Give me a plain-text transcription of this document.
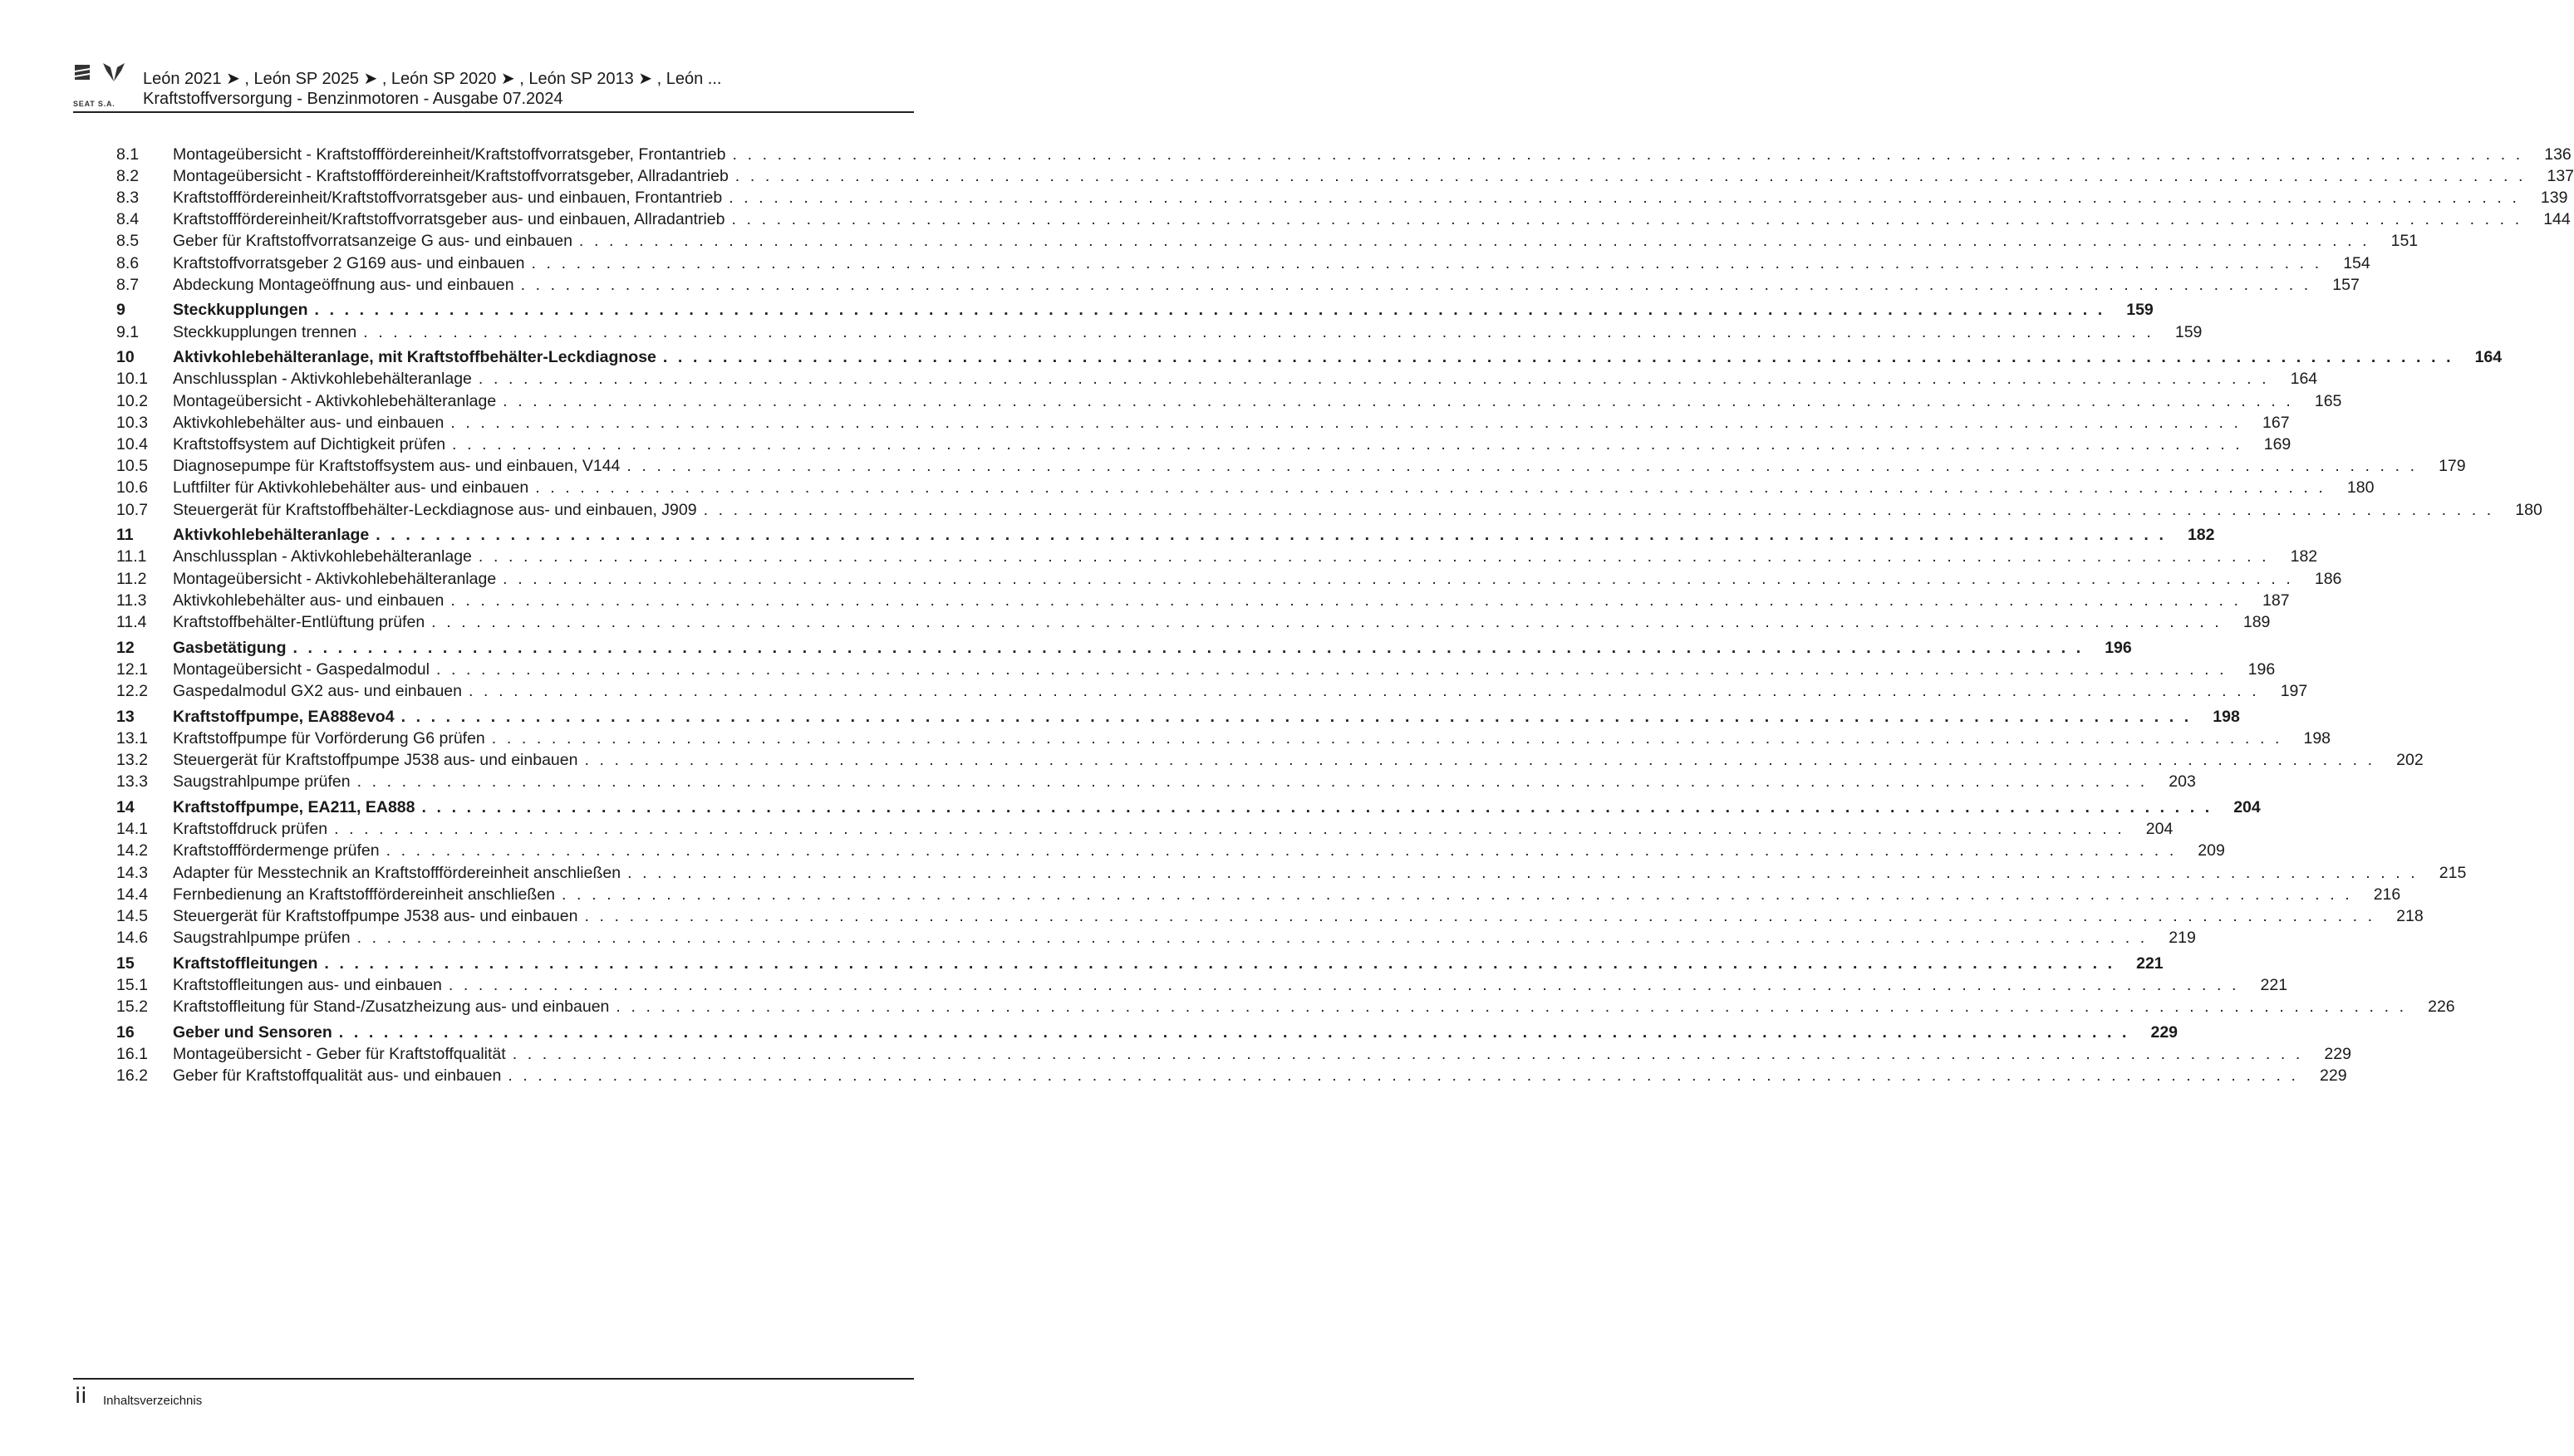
SEAT S.A.
León 2021 ➤ , León SP 2025 ➤ , León SP 2020 ➤ , León SP 2013 ➤ , León ...
Kraftstoffversorgung - Benzinmotoren - Ausgabe 07.2024
8.1	Montageübersicht - Kraftstofffördereinheit/Kraftstoffvorratsgeber, Frontantrieb . . . . . . . . . . . . . . . . . . . . . . . . . . . . . . . . . . . . . . . . . . . . . . . . . . . . . . . . . . . . . . . . . . . . . . . . . . . . . . . . . . . . . . . . . . . . . . . . . . . . . . . . . . . . . . . . . . . . . . . .	136
8.2	Montageübersicht - Kraftstofffördereinheit/Kraftstoffvorratsgeber, Allradantrieb . . . . . . . . . . . . . . . . . . . . . . . . . . . . . . . . . . . . . . . . . . . . . . . . . . . . . . . . . . . . . . . . . . . . . . . . . . . . . . . . . . . . . . . . . . . . . . . . . . . . . . . . . . . . . . . . . . . . . . . .	137
8.3	Kraftstofffördereinheit/Kraftstoffvorratsgeber aus- und einbauen, Frontantrieb . . . . . . . . . . . . . . . . . . . . . . . . . . . . . . . . . . . . . . . . . . . . . . . . . . . . . . . . . . . . . . . . . . . . . . . . . . . . . . . . . . . . . . . . . . . . . . . . . . . . . . . . . . . . . . . . . . . . . . . .	139
8.4	Kraftstofffördereinheit/Kraftstoffvorratsgeber aus- und einbauen, Allradantrieb . . . . . . . . . . . . . . . . . . . . . . . . . . . . . . . . . . . . . . . . . . . . . . . . . . . . . . . . . . . . . . . . . . . . . . . . . . . . . . . . . . . . . . . . . . . . . . . . . . . . . . . . . . . . . . . . . . . . . . . .	144
8.5	Geber für Kraftstoffvorratsanzeige G aus- und einbauen . . . . . . . . . . . . . . . . . . . . . . . . . . . . . . . . . . . . . . . . . . . . . . . . . . . . . . . . . . . . . . . . . . . . . . . . . . . . . . . . . . . . . . . . . . . . . . . . . . . . . . . . . . . . . . . . . . . . . . . .	151
8.6	Kraftstoffvorratsgeber 2 G169 aus- und einbauen . . . . . . . . . . . . . . . . . . . . . . . . . . . . . . . . . . . . . . . . . . . . . . . . . . . . . . . . . . . . . . . . . . . . . . . . . . . . . . . . . . . . . . . . . . . . . . . . . . . . . . . . . . . . . . . . . . . . . . . .	154
8.7	Abdeckung Montageöffnung aus- und einbauen . . . . . . . . . . . . . . . . . . . . . . . . . . . . . . . . . . . . . . . . . . . . . . . . . . . . . . . . . . . . . . . . . . . . . . . . . . . . . . . . . . . . . . . . . . . . . . . . . . . . . . . . . . . . . . . . . . . . . . . .	157
9	Steckkupplungen . . . . . . . . . . . . . . . . . . . . . . . . . . . . . . . . . . . . . . . . . . . . . . . . . . . . . . . . . . . . . . . . . . . . . . . . . . . . . . . . . . . . . . . . . . . . . . . . . . . . . . . . . . . . . . . . . . . . . . . .	159
9.1	Steckkupplungen trennen . . . . . . . . . . . . . . . . . . . . . . . . . . . . . . . . . . . . . . . . . . . . . . . . . . . . . . . . . . . . . . . . . . . . . . . . . . . . . . . . . . . . . . . . . . . . . . . . . . . . . . . . . . . . . . . . . . . . . . . .	159
10	Aktivkohlebehälteranlage, mit Kraftstoffbehälter-Leckdiagnose . . . . . . . . . . . . . . . . . . . . . . . . . . . . . . . . . . . . . . . . . . . . . . . . . . . . . . . . . . . . . . . . . . . . . . . . . . . . . . . . . . . . . . . . . . . . . . . . . . . . . . . . . . . . . . . . . . . . . . . .	164
10.1	Anschlussplan - Aktivkohlebehälteranlage . . . . . . . . . . . . . . . . . . . . . . . . . . . . . . . . . . . . . . . . . . . . . . . . . . . . . . . . . . . . . . . . . . . . . . . . . . . . . . . . . . . . . . . . . . . . . . . . . . . . . . . . . . . . . . . . . . . . . . . .	164
10.2	Montageübersicht - Aktivkohlebehälteranlage . . . . . . . . . . . . . . . . . . . . . . . . . . . . . . . . . . . . . . . . . . . . . . . . . . . . . . . . . . . . . . . . . . . . . . . . . . . . . . . . . . . . . . . . . . . . . . . . . . . . . . . . . . . . . . . . . . . . . . . .	165
10.3	Aktivkohlebehälter aus- und einbauen . . . . . . . . . . . . . . . . . . . . . . . . . . . . . . . . . . . . . . . . . . . . . . . . . . . . . . . . . . . . . . . . . . . . . . . . . . . . . . . . . . . . . . . . . . . . . . . . . . . . . . . . . . . . . . . . . . . . . . . .	167
10.4	Kraftstoffsystem auf Dichtigkeit prüfen . . . . . . . . . . . . . . . . . . . . . . . . . . . . . . . . . . . . . . . . . . . . . . . . . . . . . . . . . . . . . . . . . . . . . . . . . . . . . . . . . . . . . . . . . . . . . . . . . . . . . . . . . . . . . . . . . . . . . . . .	169
10.5	Diagnosepumpe für Kraftstoffsystem aus- und einbauen, V144 . . . . . . . . . . . . . . . . . . . . . . . . . . . . . . . . . . . . . . . . . . . . . . . . . . . . . . . . . . . . . . . . . . . . . . . . . . . . . . . . . . . . . . . . . . . . . . . . . . . . . . . . . . . . . . . . . . . . . . . .	179
10.6	Luftfilter für Aktivkohlebehälter aus- und einbauen . . . . . . . . . . . . . . . . . . . . . . . . . . . . . . . . . . . . . . . . . . . . . . . . . . . . . . . . . . . . . . . . . . . . . . . . . . . . . . . . . . . . . . . . . . . . . . . . . . . . . . . . . . . . . . . . . . . . . . . .	180
10.7	Steuergerät für Kraftstoffbehälter-Leckdiagnose aus- und einbauen, J909 . . . . . . . . . . . . . . . . . . . . . . . . . . . . . . . . . . . . . . . . . . . . . . . . . . . . . . . . . . . . . . . . . . . . . . . . . . . . . . . . . . . . . . . . . . . . . . . . . . . . . . . . . . . . . . . . . . . . . . . .	180
11	Aktivkohlebehälteranlage . . . . . . . . . . . . . . . . . . . . . . . . . . . . . . . . . . . . . . . . . . . . . . . . . . . . . . . . . . . . . . . . . . . . . . . . . . . . . . . . . . . . . . . . . . . . . . . . . . . . . . . . . . . . . . . . . . . . . . . .	182
11.1	Anschlussplan - Aktivkohlebehälteranlage . . . . . . . . . . . . . . . . . . . . . . . . . . . . . . . . . . . . . . . . . . . . . . . . . . . . . . . . . . . . . . . . . . . . . . . . . . . . . . . . . . . . . . . . . . . . . . . . . . . . . . . . . . . . . . . . . . . . . . . .	182
11.2	Montageübersicht - Aktivkohlebehälteranlage . . . . . . . . . . . . . . . . . . . . . . . . . . . . . . . . . . . . . . . . . . . . . . . . . . . . . . . . . . . . . . . . . . . . . . . . . . . . . . . . . . . . . . . . . . . . . . . . . . . . . . . . . . . . . . . . . . . . . . . .	186
11.3	Aktivkohlebehälter aus- und einbauen . . . . . . . . . . . . . . . . . . . . . . . . . . . . . . . . . . . . . . . . . . . . . . . . . . . . . . . . . . . . . . . . . . . . . . . . . . . . . . . . . . . . . . . . . . . . . . . . . . . . . . . . . . . . . . . . . . . . . . . .	187
11.4	Kraftstoffbehälter-Entlüftung prüfen . . . . . . . . . . . . . . . . . . . . . . . . . . . . . . . . . . . . . . . . . . . . . . . . . . . . . . . . . . . . . . . . . . . . . . . . . . . . . . . . . . . . . . . . . . . . . . . . . . . . . . . . . . . . . . . . . . . . . . . .	189
12	Gasbetätigung . . . . . . . . . . . . . . . . . . . . . . . . . . . . . . . . . . . . . . . . . . . . . . . . . . . . . . . . . . . . . . . . . . . . . . . . . . . . . . . . . . . . . . . . . . . . . . . . . . . . . . . . . . . . . . . . . . . . . . . .	196
12.1	Montageübersicht - Gaspedalmodul . . . . . . . . . . . . . . . . . . . . . . . . . . . . . . . . . . . . . . . . . . . . . . . . . . . . . . . . . . . . . . . . . . . . . . . . . . . . . . . . . . . . . . . . . . . . . . . . . . . . . . . . . . . . . . . . . . . . . . . .	196
12.2	Gaspedalmodul GX2 aus- und einbauen . . . . . . . . . . . . . . . . . . . . . . . . . . . . . . . . . . . . . . . . . . . . . . . . . . . . . . . . . . . . . . . . . . . . . . . . . . . . . . . . . . . . . . . . . . . . . . . . . . . . . . . . . . . . . . . . . . . . . . . .	197
13	Kraftstoffpumpe, EA888evo4 . . . . . . . . . . . . . . . . . . . . . . . . . . . . . . . . . . . . . . . . . . . . . . . . . . . . . . . . . . . . . . . . . . . . . . . . . . . . . . . . . . . . . . . . . . . . . . . . . . . . . . . . . . . . . . . . . . . . . . . .	198
13.1	Kraftstoffpumpe für Vorförderung G6 prüfen . . . . . . . . . . . . . . . . . . . . . . . . . . . . . . . . . . . . . . . . . . . . . . . . . . . . . . . . . . . . . . . . . . . . . . . . . . . . . . . . . . . . . . . . . . . . . . . . . . . . . . . . . . . . . . . . . . . . . . . .	198
13.2	Steuergerät für Kraftstoffpumpe J538 aus- und einbauen . . . . . . . . . . . . . . . . . . . . . . . . . . . . . . . . . . . . . . . . . . . . . . . . . . . . . . . . . . . . . . . . . . . . . . . . . . . . . . . . . . . . . . . . . . . . . . . . . . . . . . . . . . . . . . . . . . . . . . . .	202
13.3	Saugstrahlpumpe prüfen . . . . . . . . . . . . . . . . . . . . . . . . . . . . . . . . . . . . . . . . . . . . . . . . . . . . . . . . . . . . . . . . . . . . . . . . . . . . . . . . . . . . . . . . . . . . . . . . . . . . . . . . . . . . . . . . . . . . . . . .	203
14	Kraftstoffpumpe, EA211, EA888 . . . . . . . . . . . . . . . . . . . . . . . . . . . . . . . . . . . . . . . . . . . . . . . . . . . . . . . . . . . . . . . . . . . . . . . . . . . . . . . . . . . . . . . . . . . . . . . . . . . . . . . . . . . . . . . . . . . . . . . .	204
14.1	Kraftstoffdruck prüfen . . . . . . . . . . . . . . . . . . . . . . . . . . . . . . . . . . . . . . . . . . . . . . . . . . . . . . . . . . . . . . . . . . . . . . . . . . . . . . . . . . . . . . . . . . . . . . . . . . . . . . . . . . . . . . . . . . . . . . . .	204
14.2	Kraftstofffördermenge prüfen . . . . . . . . . . . . . . . . . . . . . . . . . . . . . . . . . . . . . . . . . . . . . . . . . . . . . . . . . . . . . . . . . . . . . . . . . . . . . . . . . . . . . . . . . . . . . . . . . . . . . . . . . . . . . . . . . . . . . . . .	209
14.3	Adapter für Messtechnik an Kraftstofffördereinheit anschließen . . . . . . . . . . . . . . . . . . . . . . . . . . . . . . . . . . . . . . . . . . . . . . . . . . . . . . . . . . . . . . . . . . . . . . . . . . . . . . . . . . . . . . . . . . . . . . . . . . . . . . . . . . . . . . . . . . . . . . . .	215
14.4	Fernbedienung an Kraftstofffördereinheit anschließen . . . . . . . . . . . . . . . . . . . . . . . . . . . . . . . . . . . . . . . . . . . . . . . . . . . . . . . . . . . . . . . . . . . . . . . . . . . . . . . . . . . . . . . . . . . . . . . . . . . . . . . . . . . . . . . . . . . . . . . .	216
14.5	Steuergerät für Kraftstoffpumpe J538 aus- und einbauen . . . . . . . . . . . . . . . . . . . . . . . . . . . . . . . . . . . . . . . . . . . . . . . . . . . . . . . . . . . . . . . . . . . . . . . . . . . . . . . . . . . . . . . . . . . . . . . . . . . . . . . . . . . . . . . . . . . . . . . .	218
14.6	Saugstrahlpumpe prüfen . . . . . . . . . . . . . . . . . . . . . . . . . . . . . . . . . . . . . . . . . . . . . . . . . . . . . . . . . . . . . . . . . . . . . . . . . . . . . . . . . . . . . . . . . . . . . . . . . . . . . . . . . . . . . . . . . . . . . . . .	219
15	Kraftstoffleitungen . . . . . . . . . . . . . . . . . . . . . . . . . . . . . . . . . . . . . . . . . . . . . . . . . . . . . . . . . . . . . . . . . . . . . . . . . . . . . . . . . . . . . . . . . . . . . . . . . . . . . . . . . . . . . . . . . . . . . . . .	221
15.1	Kraftstoffleitungen aus- und einbauen . . . . . . . . . . . . . . . . . . . . . . . . . . . . . . . . . . . . . . . . . . . . . . . . . . . . . . . . . . . . . . . . . . . . . . . . . . . . . . . . . . . . . . . . . . . . . . . . . . . . . . . . . . . . . . . . . . . . . . . .	221
15.2	Kraftstoffleitung für Stand-/Zusatzheizung aus- und einbauen . . . . . . . . . . . . . . . . . . . . . . . . . . . . . . . . . . . . . . . . . . . . . . . . . . . . . . . . . . . . . . . . . . . . . . . . . . . . . . . . . . . . . . . . . . . . . . . . . . . . . . . . . . . . . . . . . . . . . . . .	226
16	Geber und Sensoren . . . . . . . . . . . . . . . . . . . . . . . . . . . . . . . . . . . . . . . . . . . . . . . . . . . . . . . . . . . . . . . . . . . . . . . . . . . . . . . . . . . . . . . . . . . . . . . . . . . . . . . . . . . . . . . . . . . . . . . .	229
16.1	Montageübersicht - Geber für Kraftstoffqualität . . . . . . . . . . . . . . . . . . . . . . . . . . . . . . . . . . . . . . . . . . . . . . . . . . . . . . . . . . . . . . . . . . . . . . . . . . . . . . . . . . . . . . . . . . . . . . . . . . . . . . . . . . . . . . . . . . . . . . . .	229
16.2	Geber für Kraftstoffqualität aus- und einbauen . . . . . . . . . . . . . . . . . . . . . . . . . . . . . . . . . . . . . . . . . . . . . . . . . . . . . . . . . . . . . . . . . . . . . . . . . . . . . . . . . . . . . . . . . . . . . . . . . . . . . . . . . . . . . . . . . . . . . . . .	229
ii Inhaltsverzeichnis
